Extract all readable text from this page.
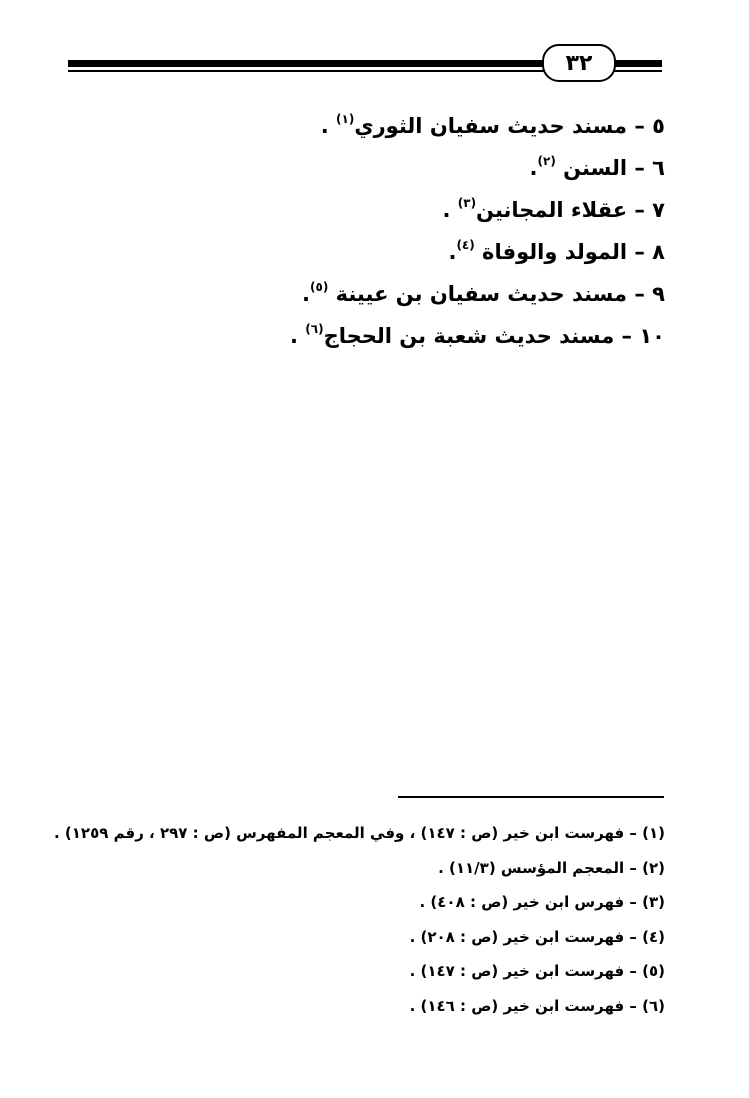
٣٢
٥ – مسند حديث سفيان الثوري$^{(١)}$ .
٦ – السنن $^{(٢)}$.
٧ – عقلاء المجانين$^{(٣)}$ .
٨ – المولد والوفاة $^{(٤)}$.
٩ – مسند حديث سفيان بن عيينة $^{(٥)}$.
١٠ – مسند حديث شعبة بن الحجاج$^{(٦)}$ .
(١) – فهرست ابن خير (ص : ١٤٧) ، وفي المعجم المفهرس (ص : ٢٩٧ ، رقم ١٢٥٩) .
(٢) – المعجم المؤسس (١١/٣) .
(٣) – فهرس ابن خير (ص : ٤٠٨) .
(٤) – فهرست ابن خير (ص : ٢٠٨) .
(٥) – فهرست ابن خير (ص : ١٤٧) .
(٦) – فهرست ابن خير (ص : ١٤٦) .
